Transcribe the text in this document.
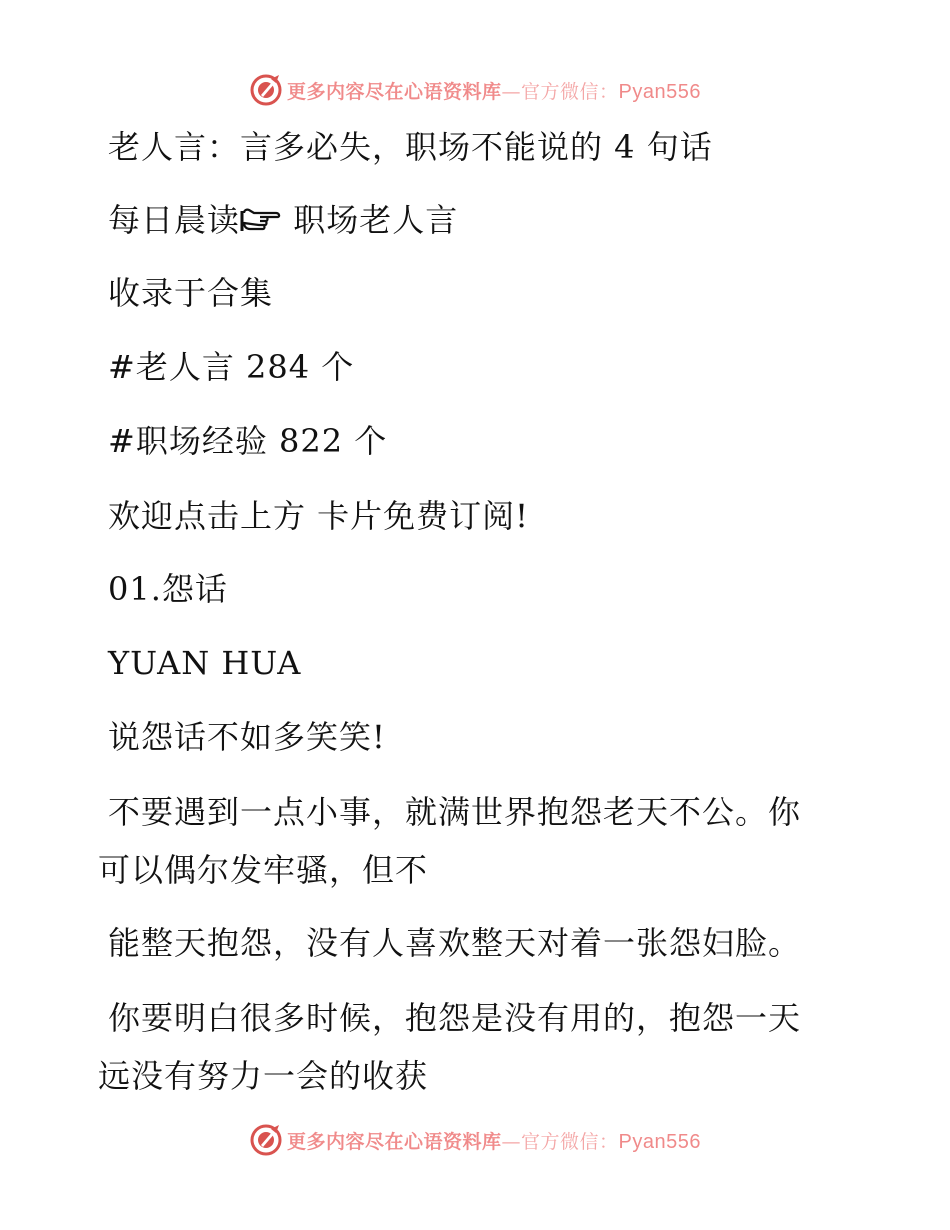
更多内容尽在心语资料库—官方微信：Pyan556
老人言：言多必失，职场不能说的 4 句话
每日晨读 职场老人言
收录于合集
#老人言 284 个
#职场经验 822 个
欢迎点击上方 卡片免费订阅!
01.怨话
YUAN HUA
说怨话不如多笑笑!
不要遇到一点小事，就满世界抱怨老天不公。你
可以偶尔发牢骚，但不
能整天抱怨，没有人喜欢整天对着一张怨妇脸。
你要明白很多时候，抱怨是没有用的，抱怨一天
远没有努力一会的收获
更多内容尽在心语资料库—官方微信：Pyan556
